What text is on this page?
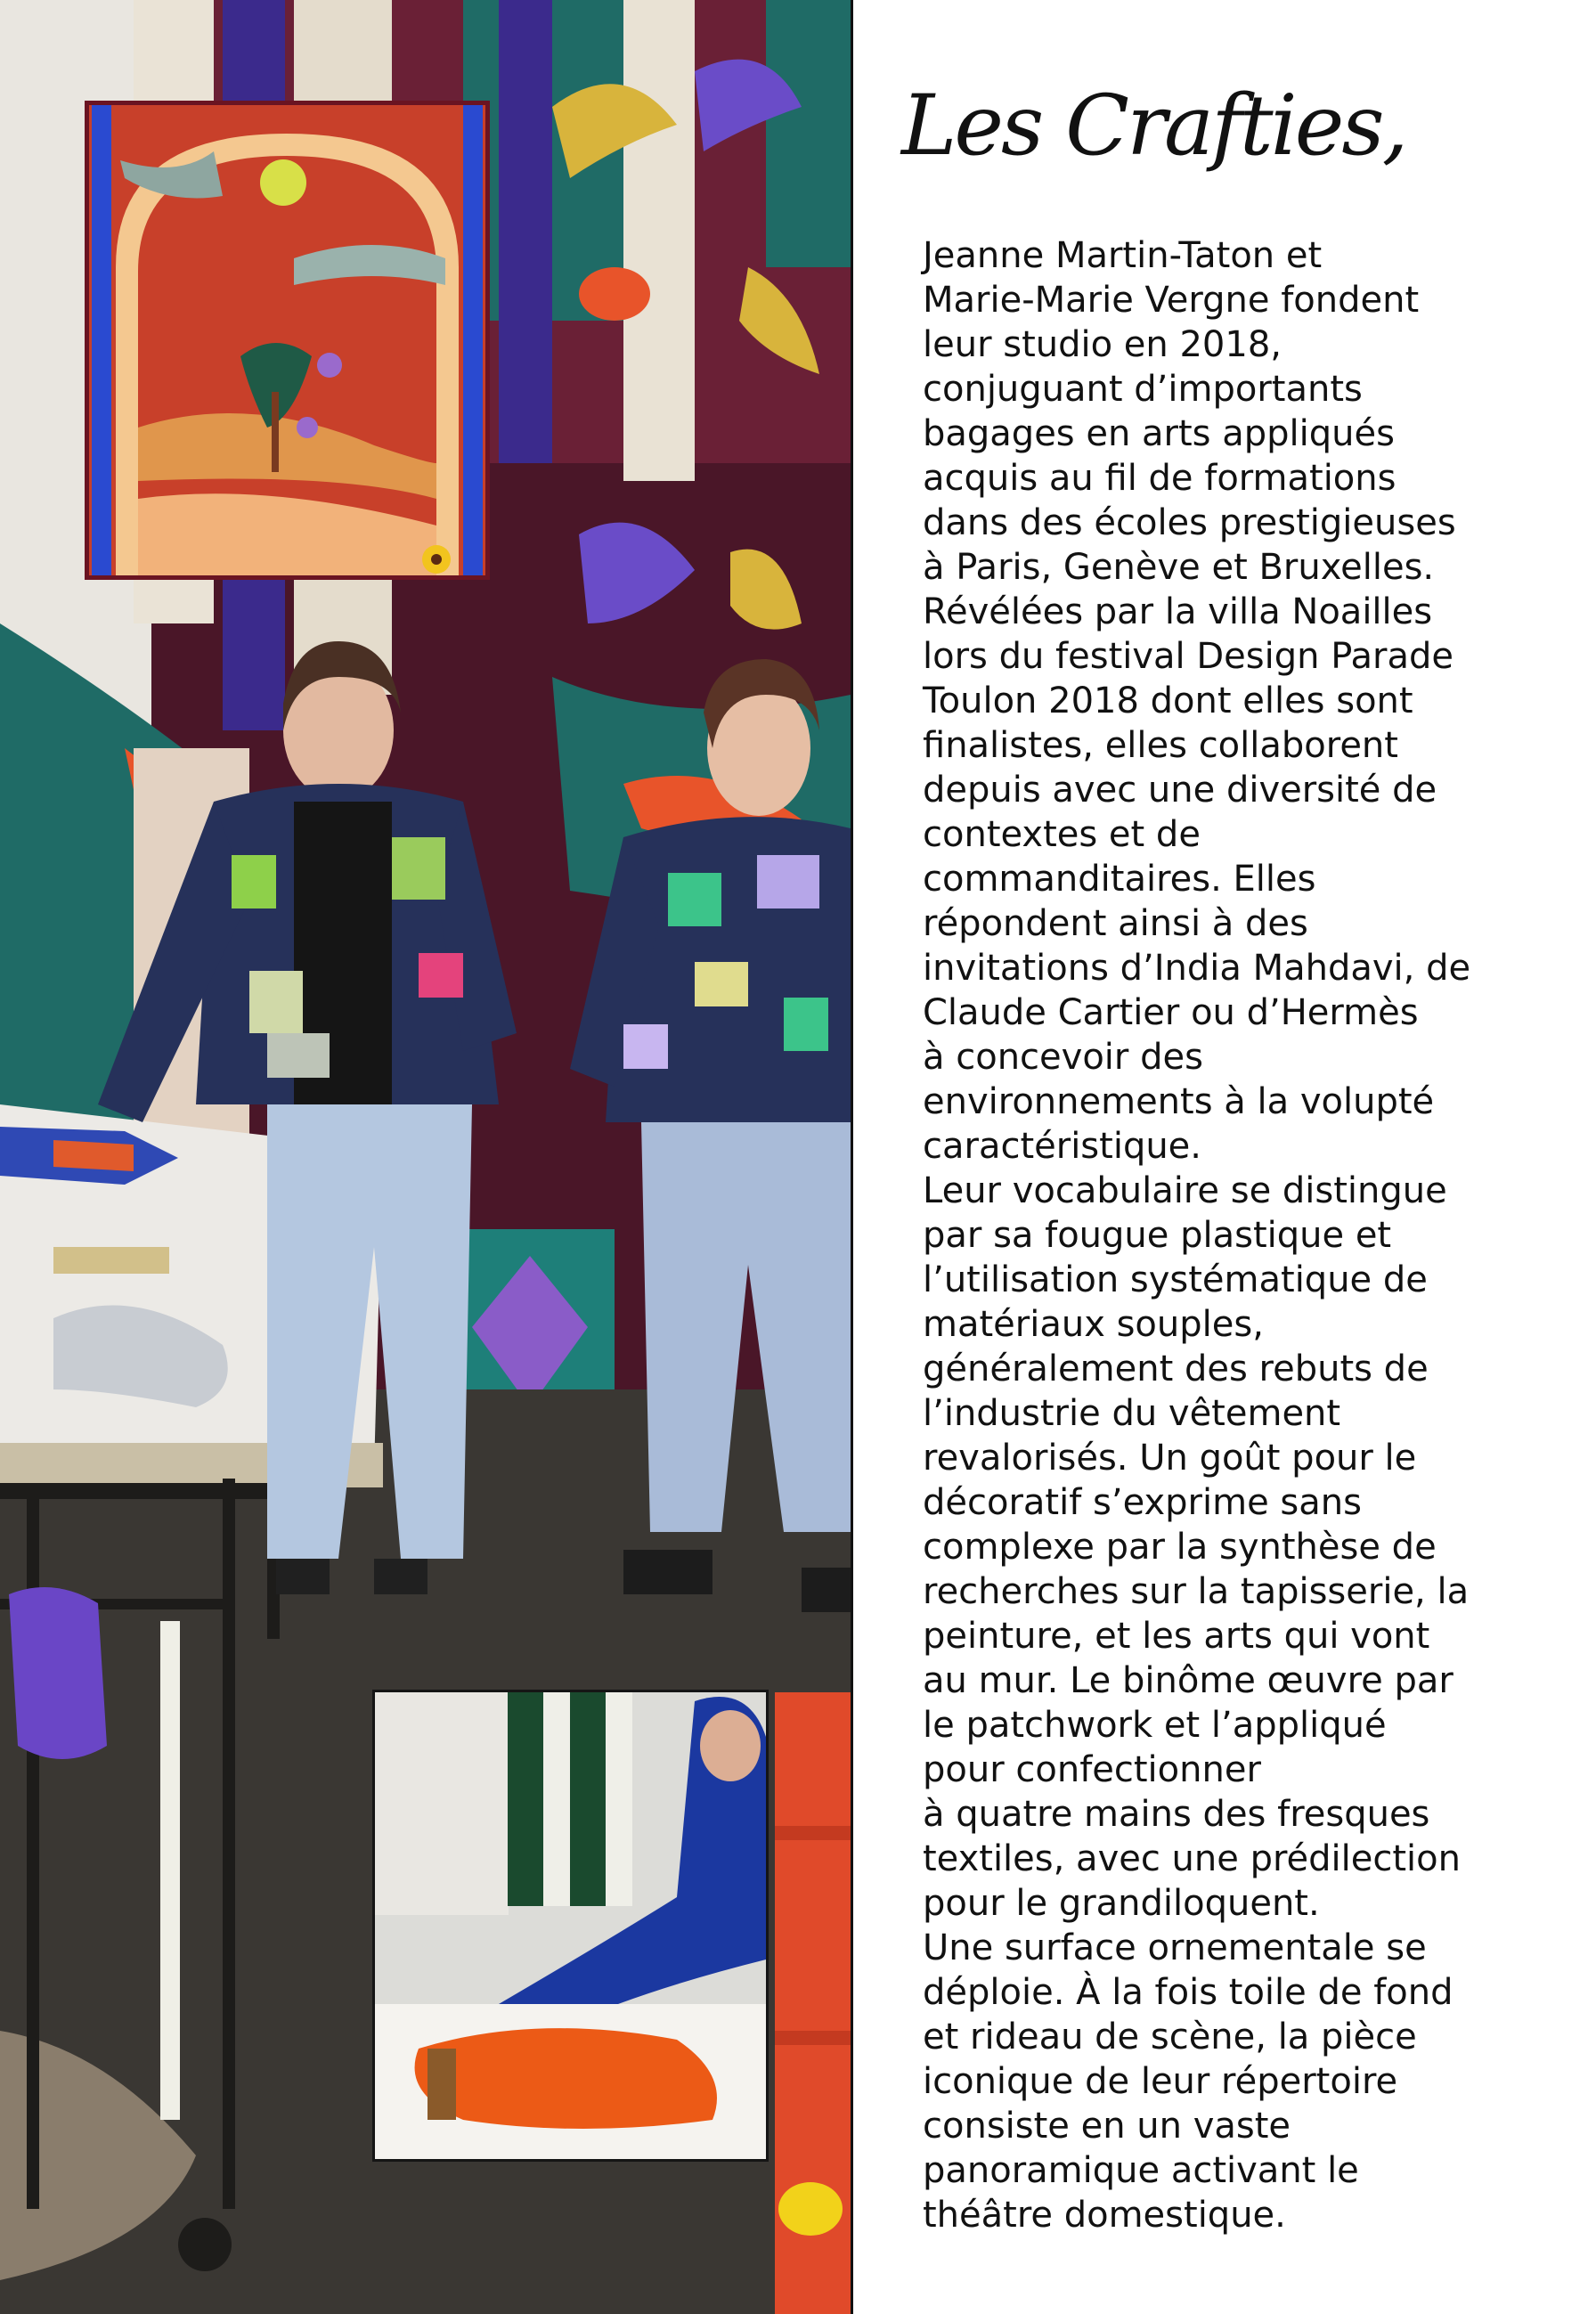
Les Crafties,
Jeanne Martin-Taton et
Marie-Marie Vergne fondent
leur studio en 2018,
conjuguant d’importants
bagages en arts appliqués
acquis au fil de formations
dans des écoles prestigieuses
à Paris, Genève et Bruxelles.
Révélées par la villa Noailles
lors du festival Design Parade
Toulon 2018 dont elles sont
finalistes, elles collaborent
depuis avec une diversité de
contextes et de
commanditaires. Elles
répondent ainsi à des
invitations d’India Mahdavi, de
Claude Cartier ou d’Hermès
à concevoir des
environnements à la volupté
caractéristique.
Leur vocabulaire se distingue
par sa fougue plastique et
l’utilisation systématique de
matériaux souples,
généralement des rebuts de
l’industrie du vêtement
revalorisés. Un goût pour le
décoratif s’exprime sans
complexe par la synthèse de
recherches sur la tapisserie, la
peinture, et les arts qui vont
au mur. Le binôme œuvre par
le patchwork et l’appliqué
pour confectionner
à quatre mains des fresques
textiles, avec une prédilection
pour le grandiloquent.
Une surface ornementale se
déploie. À la fois toile de fond
et rideau de scène, la pièce
iconique de leur répertoire
consiste en un vaste
panoramique activant le
théâtre domestique.
